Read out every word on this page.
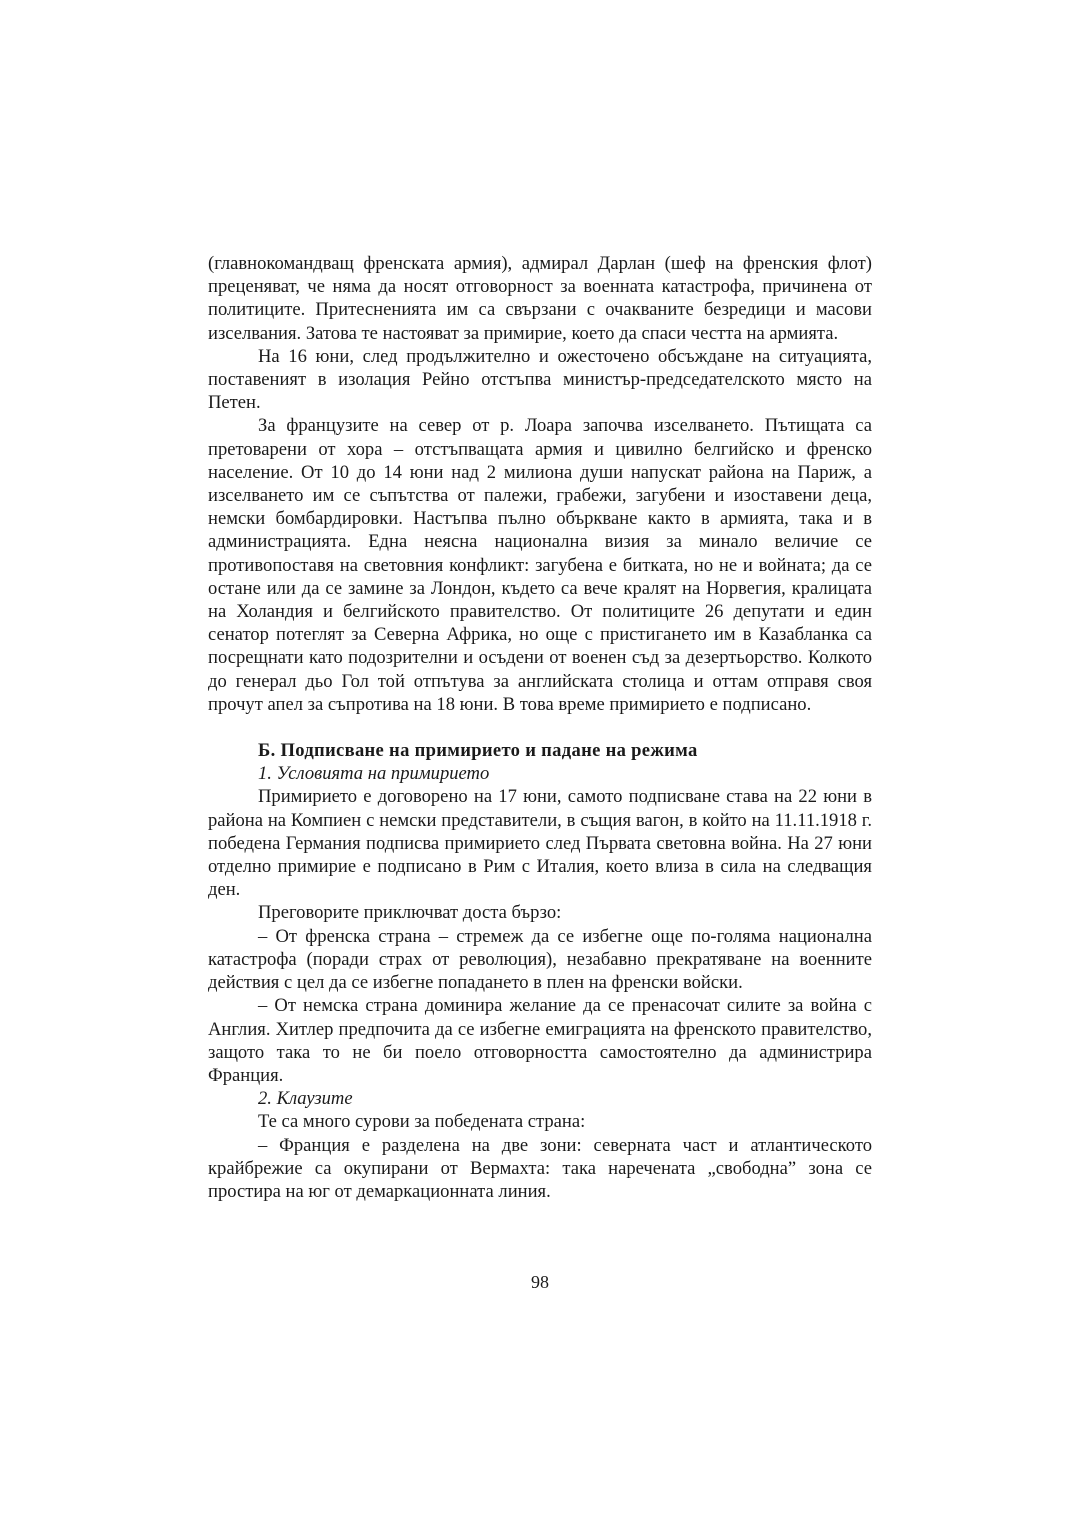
(главнокомандващ френската армия), адмирал Дарлан (шеф на френския флот) преценяват, че няма да носят отговорност за военната катастрофа, причинена от политиците. Притесненията им са свързани с очакваните безредици и масови изселвания. Затова те настояват за примирие, което да спаси честта на армията.

На 16 юни, след продължително и ожесточено обсъждане на ситуацията, поставеният в изолация Рейно отстъпва министър-председателското място на Петен.

За французите на север от р. Лоара започва изселването. Пътищата са претоварени от хора – отстъпващата армия и цивилно белгийско и френско население. От 10 до 14 юни над 2 милиона души напускат района на Париж, а изселването им се съпътства от палежи, грабежи, загубени и изоставени деца, немски бомбардировки. Настъпва пълно объркване както в армията, така и в администрацията. Една неясна национална визия за минало величие се противопоставя на световния конфликт: загубена е битката, но не и войната; да се остане или да се замине за Лондон, където са вече кралят на Норвегия, кралицата на Холандия и белгийското правителство. От политиците 26 депутати и един сенатор потеглят за Северна Африка, но още с пристигането им в Казабланка са посрещнати като подозрителни и осъдени от военен съд за дезертьорство. Колкото до генерал дьо Гол той отпътува за английската столица и оттам отправя своя прочут апел за съпротива на 18 юни. В това време примирието е подписано.

Б. Подписване на примирието и падане на режима

1. Условията на примирието

Примирието е договорено на 17 юни, самото подписване става на 22 юни в района на Компиен с немски представители, в същия вагон, в който на 11.11.1918 г. победена Германия подписва примирието след Първата световна война. На 27 юни отделно примирие е подписано в Рим с Италия, което влиза в сила на следващия ден.

Преговорите приключват доста бързо:

– От френска страна – стремеж да се избегне още по-голяма национална катастрофа (поради страх от революция), незабавно прекратяване на военните действия с цел да се избегне попадането в плен на френски войски.

– От немска страна доминира желание да се пренасочат силите за война с Англия. Хитлер предпочита да се избегне емиграцията на френското правителство, защото така то не би поело отговорността самостоятелно да администрира Франция.

2. Клаузите

Те са много сурови за победената страна:

– Франция е разделена на две зони: северната част и атлантическото крайбрежие са окупирани от Вермахта: така наречената „свободна” зона се простира на юг от демаркационната линия.

98
